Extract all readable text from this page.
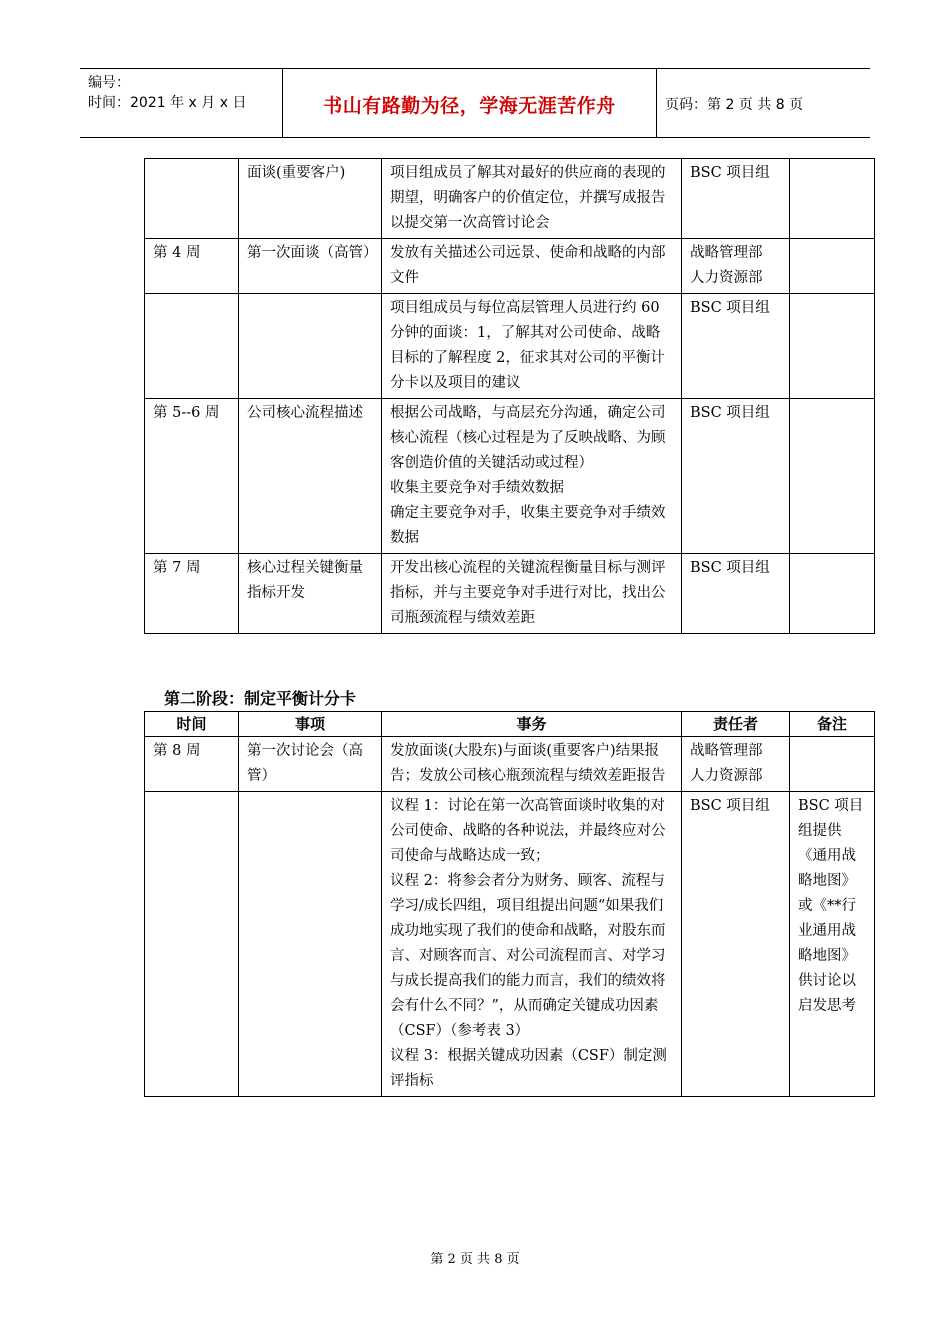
编号：
时间：2021 年 x 月 x 日	书山有路勤为径，学海无涯苦作舟	页码：第 2 页 共 8 页
	面谈(重要客户)	项目组成员了解其对最好的供应商的表现的期望，明确客户的价值定位，并撰写成报告以提交第一次高管讨论会	BSC 项目组	
第 4 周	第一次面谈（高管）	发放有关描述公司远景、使命和战略的内部文件	战略管理部
人力资源部	

		项目组成员与每位高层管理人员进行约 60 分钟的面谈：1，了解其对公司使命、战略目标的了解程度 2，征求其对公司的平衡计分卡以及项目的建议	BSC 项目组	
第 5--6 周	公司核心流程描述	根据公司战略，与高层充分沟通，确定公司核心流程（核心过程是为了反映战略、为顾客创造价值的关键活动或过程）
收集主要竞争对手绩效数据
确定主要竞争对手，收集主要竞争对手绩效数据	BSC 项目组	
第 7 周	核心过程关键衡量指标开发	开发出核心流程的关键流程衡量目标与测评指标，并与主要竞争对手进行对比，找出公司瓶颈流程与绩效差距	BSC 项目组	
第二阶段：制定平衡计分卡
时间	事项	事务	责任者	备注
第 8 周	第一次讨论会（高管）	发放面谈(大股东)与面谈(重要客户)结果报告；发放公司核心瓶颈流程与绩效差距报告	战略管理部
人力资源部	

		议程 1：讨论在第一次高管面谈时收集的对公司使命、战略的各种说法，并最终应对公司使命与战略达成一致；
议程 2：将参会者分为财务、顾客、流程与学习/成长四组，项目组提出问题“如果我们成功地实现了我们的使命和战略，对股东而言、对顾客而言、对公司流程而言、对学习与成长提高我们的能力而言，我们的绩效将会有什么不同？”，从而确定关键成功因素（CSF）（参考表 3）
议程 3：根据关键成功因素（CSF）制定测评指标	BSC 项目组	BSC 项目组提供《通用战略地图》或《**行业通用战略地图》供讨论以启发思考
第 2 页 共 8 页
